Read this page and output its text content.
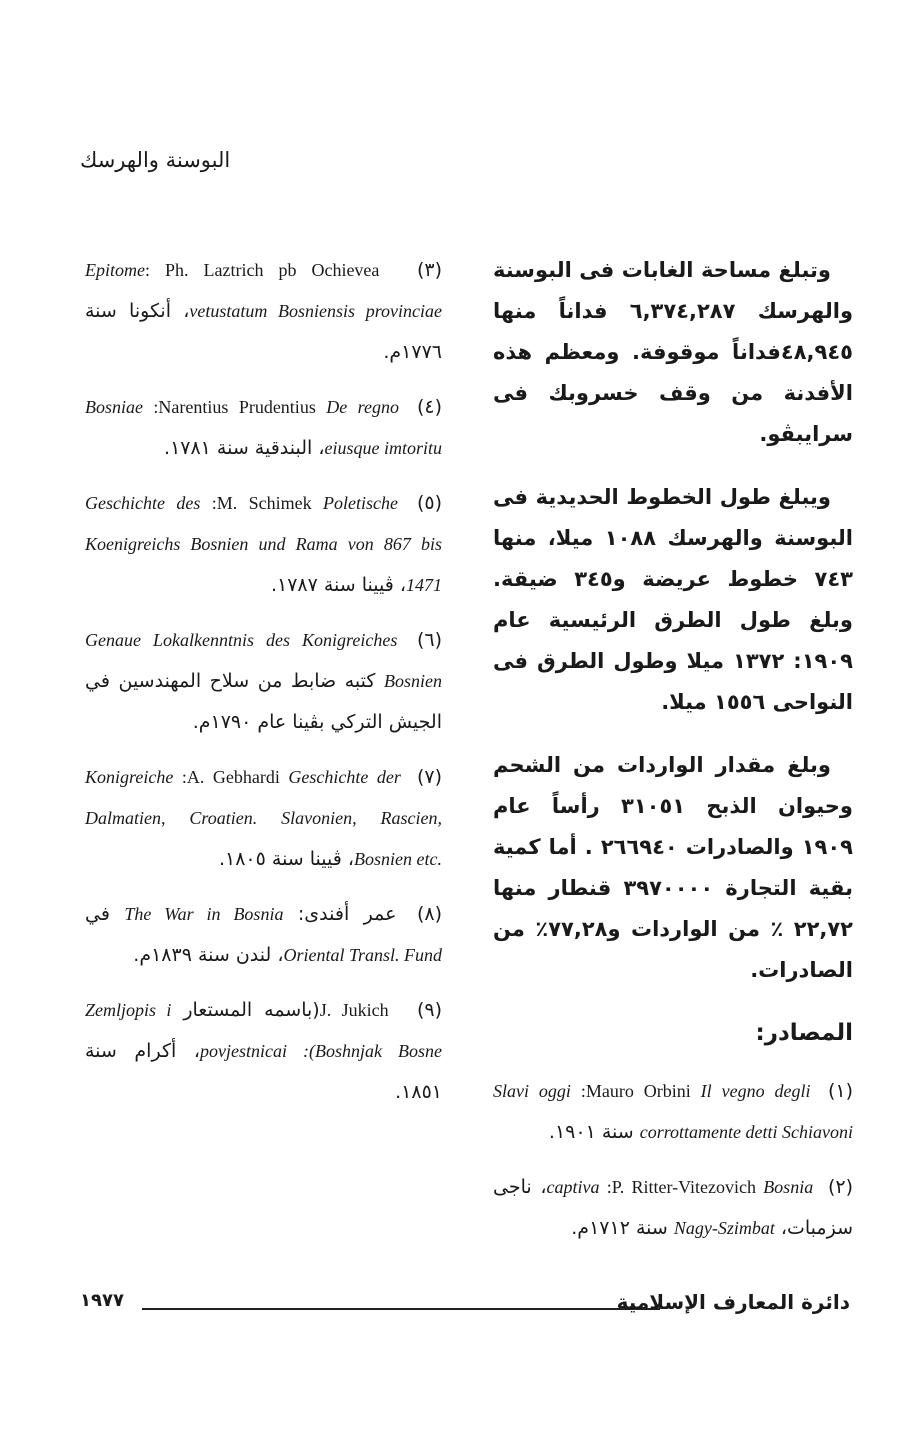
البوسنة والهرسك

وتبلغ مساحة الغابات فى البوسنة والهرسك ٦,٣٧٤,٢٨٧ فداناً منها ٤٨,٩٤٥فداناً موقوفة. ومعظم هذه الأفدنة من وقف خسروبك فى سرايبڤو.

ويبلغ طول الخطوط الحديدية فى البوسنة والهرسك ١٠٨٨ ميلا، منها ٧٤٣ خطوط عريضة و٣٤٥ ضيقة. وبلغ طول الطرق الرئيسية عام ١٩٠٩: ١٣٧٢ ميلا وطول الطرق فى النواحى ١٥٥٦ ميلا.

وبلغ مقدار الواردات من الشحم وحيوان الذبح ٣١٠٥١ رأساً عام ١٩٠٩ والصادرات ٢٦٦٩٤٠ . أما كمية بقية التجارة ٣٩٧٠٠٠٠ قنطار منها ٢٢,٧٢ ٪ من الواردات و٧٧,٢٨٪ من الصادرات.

المصادر:
(١) Il vegno degli :Mauro Orbini Slavi oggi corrottamente detti Schiavoni سنة ١٩٠١.
(٢) Bosnia :P. Ritter-Vitezovich captiva، ناجى سزمبات، Nagy-Szimbat سنة ١٧١٢م.
(٣) : Ph. Laztrich pb Ochievea Epitome vetustatum Bosniensis provinciae، أنكونا سنة ١٧٧٦م.
(٤) De regno :Narentius Prudentius Bosniae eiusque imtoritu، البندقية سنة ١٧٨١.
(٥) Poletische :M. Schimek Geschichte des Koenigreichs Bosnien und Rama von 867 bis 1471، ڤيينا سنة ١٧٨٧.
(٦) Genaue Lokalkenntnis des Konigreiches Bosnien كتبه ضابط من سلاح المهندسين في الجيش التركي بڤينا عام ١٧٩٠م.
(٧) Geschichte der :A. Gebhardi Konigreiche Dalmatien, Croatien. Slavonien, Rascien, Bosnien etc.، ڤيينا سنة ١٨٠٥.
(٨) عمر أفندى: The War in Bosnia في Oriental Transl. Fund، لندن سنة ١٨٣٩م.
(٩) J. Jukich (باسمه المستعار Zemljopis i povjestnicai :(Boshnjak Bosne، أكرام سنة ١٨٥١.
١٩٧٧	دائرة المعارف الإسلامية
